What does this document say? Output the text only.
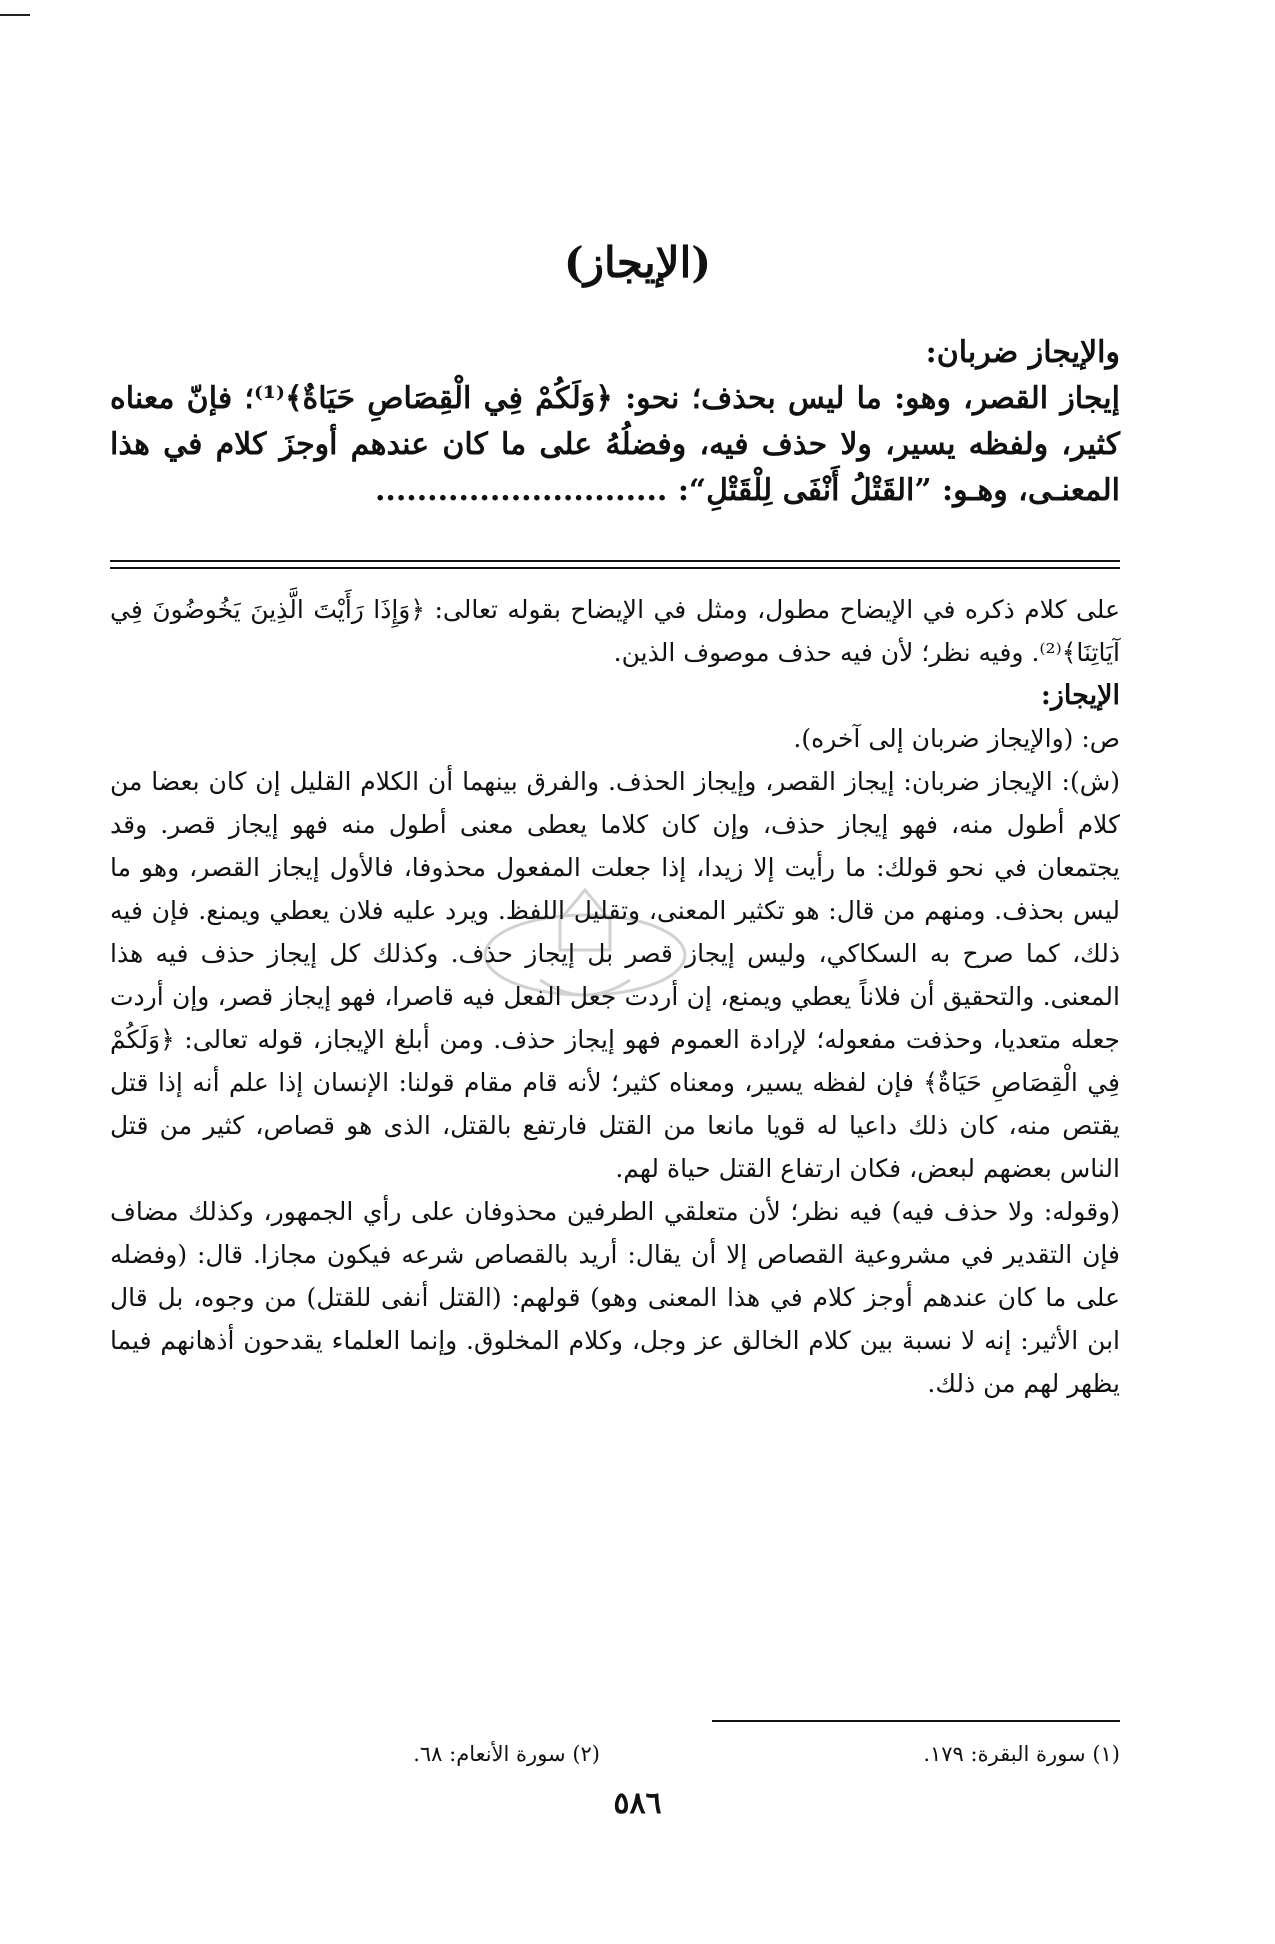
(الإيجاز)

والإيجاز ضربان:

إيجاز القصر، وهو: ما ليس بحذف؛ نحو: ﴿وَلَكُمْ فِي الْقِصَاصِ حَيَاةٌ﴾⁽¹⁾؛ فإنّ معناه كثير، ولفظه يسير، ولا حذف فيه، وفضلُهُ على ما كان عندهم أوجزَ كلام في هذا المعنـى، وهـو: ”القَتْلُ أَنْفَى لِلْقَتْلِ“: ............................

على كلام ذكره في الإيضاح مطول، ومثل في الإيضاح بقوله تعالى: ﴿وَإِذَا رَأَيْتَ الَّذِينَ يَخُوضُونَ فِي آيَاتِنَا﴾⁽²⁾. وفيه نظر؛ لأن فيه حذف موصوف الذين.

الإيجاز:

ص: (والإيجاز ضربان إلى آخره).

(ش): الإيجاز ضربان: إيجاز القصر، وإيجاز الحذف. والفرق بينهما أن الكلام القليل إن كان بعضا من كلام أطول منه، فهو إيجاز حذف، وإن كان كلاما يعطى معنى أطول منه فهو إيجاز قصر. وقد يجتمعان في نحو قولك: ما رأيت إلا زيدا، إذا جعلت المفعول محذوفا، فالأول إيجاز القصر، وهو ما ليس بحذف. ومنهم من قال: هو تكثير المعنى، وتقليل اللفظ. ويرد عليه فلان يعطي ويمنع. فإن فيه ذلك، كما صرح به السكاكي، وليس إيجاز قصر بل إيجاز حذف. وكذلك كل إيجاز حذف فيه هذا المعنى. والتحقيق أن فلاناً يعطي ويمنع، إن أردت جعل الفعل فيه قاصرا، فهو إيجاز قصر، وإن أردت جعله متعديا، وحذفت مفعوله؛ لإرادة العموم فهو إيجاز حذف. ومن أبلغ الإيجاز، قوله تعالى: ﴿وَلَكُمْ فِي الْقِصَاصِ حَيَاةٌ﴾ فإن لفظه يسير، ومعناه كثير؛ لأنه قام مقام قولنا: الإنسان إذا علم أنه إذا قتل يقتص منه، كان ذلك داعيا له قويا مانعا من القتل فارتفع بالقتل، الذى هو قصاص، كثير من قتل الناس بعضهم لبعض، فكان ارتفاع القتل حياة لهم.

(وقوله: ولا حذف فيه) فيه نظر؛ لأن متعلقي الطرفين محذوفان على رأي الجمهور، وكذلك مضاف فإن التقدير في مشروعية القصاص إلا أن يقال: أريد بالقصاص شرعه فيكون مجازا. قال: (وفضله على ما كان عندهم أوجز كلام في هذا المعنى وهو) قولهم: (القتل أنفى للقتل) من وجوه، بل قال ابن الأثير: إنه لا نسبة بين كلام الخالق عز وجل، وكلام المخلوق. وإنما العلماء يقدحون أذهانهم فيما يظهر لهم من ذلك.

(١) سورة البقرة: ١٧٩.
(٢) سورة الأنعام: ٦٨.
٥٨٦
